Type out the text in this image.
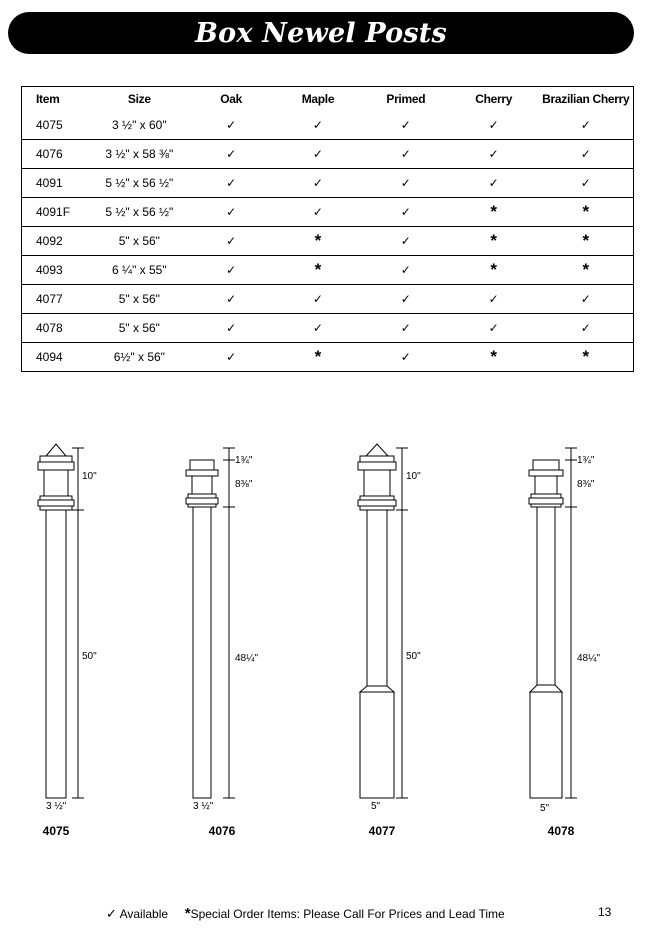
Box Newel Posts
Item	Size	Oak	Maple	Primed	Cherry	Brazilian Cherry
4075	3 ½" x 60"	✓	✓	✓	✓	✓
4076	3 ½" x 58 ⅜"	✓	✓	✓	✓	✓
4091	5 ½" x 56 ½"	✓	✓	✓	✓	✓
4091F	5 ½" x 56 ½"	✓	✓	✓	*	*
4092	5" x 56"	✓	*	✓	*	*
4093	6 ¼" x 55"	✓	*	✓	*	*
4077	5" x 56"	✓	✓	✓	✓	✓
4078	5" x 56"	✓	✓	✓	✓	✓
4094	6½" x 56"	✓	*	✓	*	*
10"
50"
3 ½"
4075
1¾"
8⅜"
48¼"
3 ½"
4076
10"
50"
5"
4077
1¾"
8⅜"
48¼"
5"
4078
✓ Available *Special Order Items: Please Call For Prices and Lead Time	13
